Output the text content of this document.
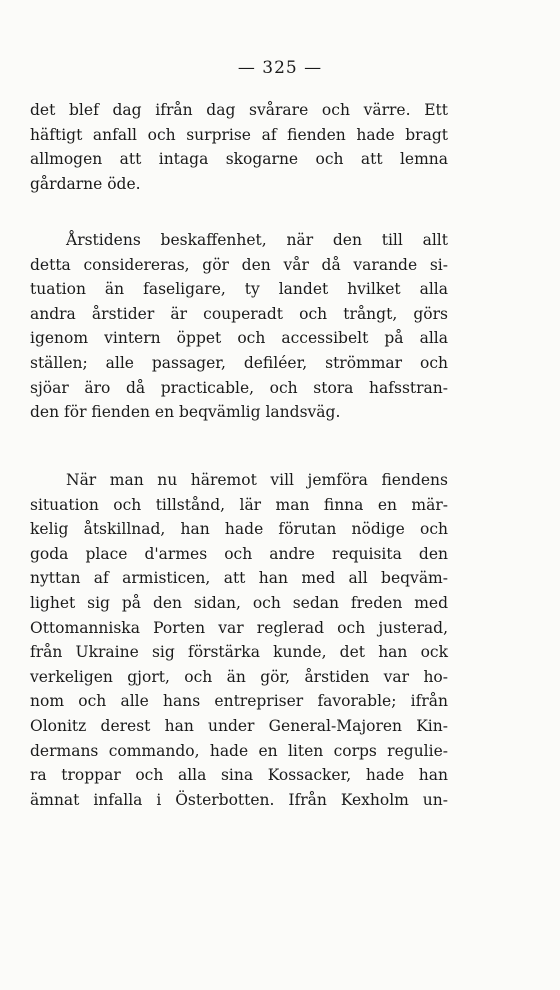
— 325 —
det blef dag ifrån dag svårare och värre. Ett
häftigt anfall och surprise af fienden hade bragt
allmogen att intaga skogarne och att lemna
gårdarne öde.
Årstidens beskaffenhet, när den till allt
detta considereras, gör den vår då varande si-
tuation än faseligare, ty landet hvilket alla
andra årstider är couperadt och trångt, görs
igenom vintern öppet och accessibelt på alla
ställen; alle passager, defiléer, strömmar och
sjöar äro då practicable, och stora hafsstran-
den för fienden en beqvämlig landsväg.
När man nu häremot vill jemföra fiendens
situation och tillstånd, lär man finna en mär-
kelig åtskillnad, han hade förutan nödige och
goda place d'armes och andre requisita den
nyttan af armisticen, att han med all beqväm-
lighet sig på den sidan, och sedan freden med
Ottomanniska Porten var reglerad och justerad,
från Ukraine sig förstärka kunde, det han ock
verkeligen gjort, och än gör, årstiden var ho-
nom och alle hans entrepriser favorable; ifrån
Olonitz derest han under General-Majoren Kin-
dermans commando, hade en liten corps regulie-
ra troppar och alla sina Kossacker, hade han
ämnat infalla i Österbotten. Ifrån Kexholm un-
